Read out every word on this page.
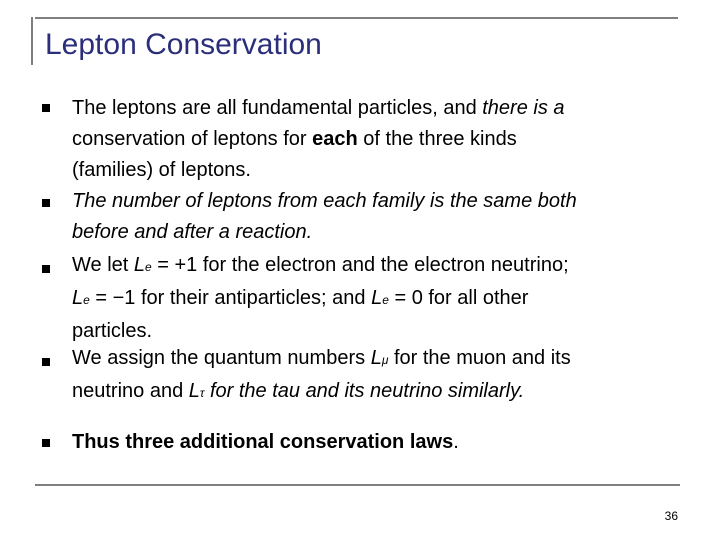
Lepton Conservation
The leptons are all fundamental particles, and there is a
conservation of leptons for each of the three kinds
(families) of leptons.
The number of leptons from each family is the same both
before and after a reaction.
We let Le = +1 for the electron and the electron neutrino;
Le = −1 for their antiparticles; and Le = 0 for all other
particles.
We assign the quantum numbers Lμ for the muon and its
neutrino and Lτ for the tau and its neutrino similarly.
Thus three additional conservation laws.
36
